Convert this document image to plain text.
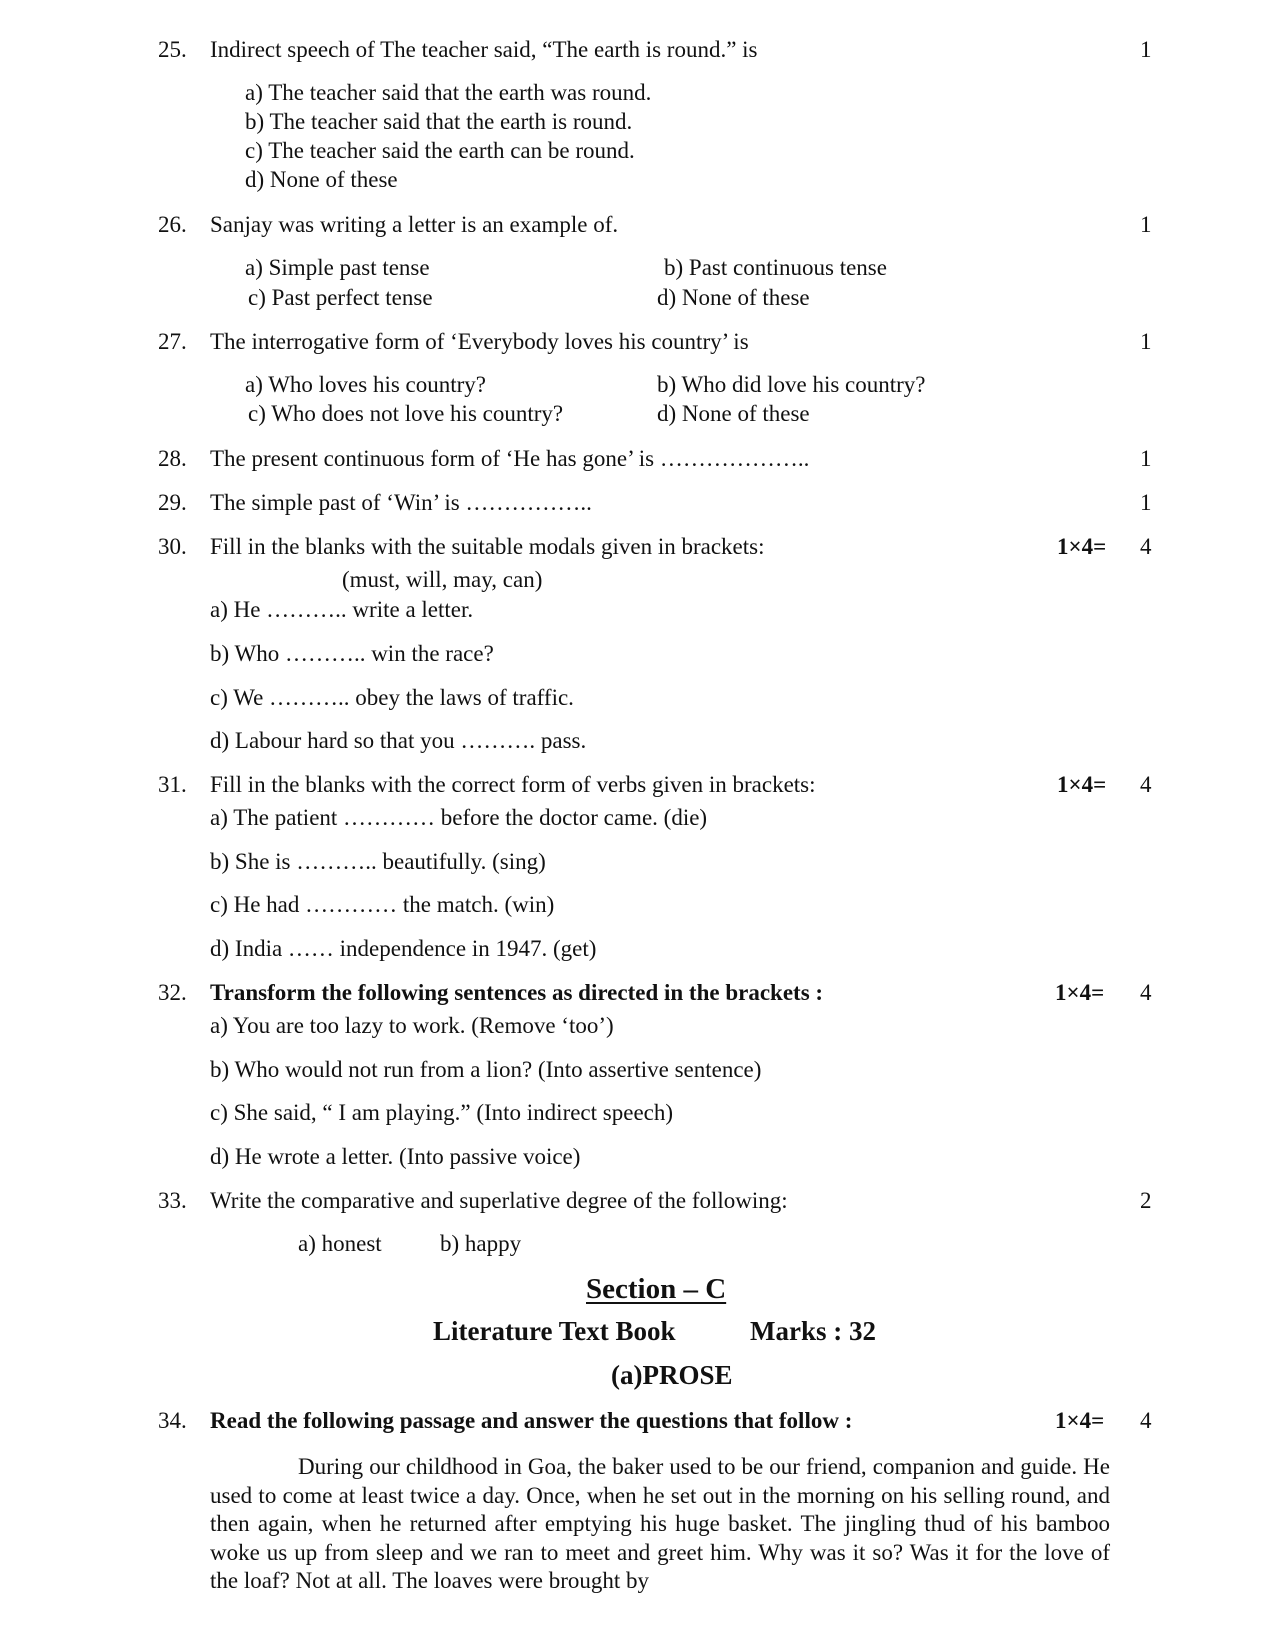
25. Indirect speech of The teacher said, “The earth is round.” is	1
a) The teacher said that the earth was round.
b) The teacher said that the earth is round.
c) The teacher said the earth can be round.
d) None of these
26. Sanjay was writing a letter is an example of.	1
a) Simple past tense	b) Past continuous tense
c) Past perfect tense	d) None of these
27. The interrogative form of ‘Everybody loves his country’ is	1
a) Who loves his country?	b) Who did love his country?
c) Who does not love his country?	d) None of these
28. The present continuous form of ‘He has gone’ is ………………..	1
29. The simple past of ‘Win’ is ……………..	1
30. Fill in the blanks with the suitable modals given in brackets:	1×4= 4
(must, will, may, can)
a) He ……….. write a letter.
b) Who ……….. win the race?
c) We ……….. obey the laws of traffic.
d) Labour hard so that you ………. pass.
31. Fill in the blanks with the correct form of verbs given in brackets:	1×4= 4
a) The patient ………… before the doctor came. (die)
b) She is ……….. beautifully. (sing)
c) He had ………… the match. (win)
d) India …… independence in 1947. (get)
32. Transform the following sentences as directed in the brackets :	1×4= 4
a) You are too lazy to work. (Remove ‘too’)
b) Who would not run from a lion? (Into assertive sentence)
c) She said, “ I am playing.” (Into indirect speech)
d) He wrote a letter. (Into passive voice)
33. Write the comparative and superlative degree of the following:	2
a) honest	b) happy
Section – C
Literature Text Book	Marks : 32
(a)PROSE
34. Read the following passage and answer the questions that follow :	1×4= 4
During our childhood in Goa, the baker used to be our friend, companion and guide. He used to come at least twice a day. Once, when he set out in the morning on his selling round, and then again, when he returned after emptying his huge basket. The jingling thud of his bamboo woke us up from sleep and we ran to meet and greet him. Why was it so? Was it for the love of the loaf? Not at all. The loaves were brought by
